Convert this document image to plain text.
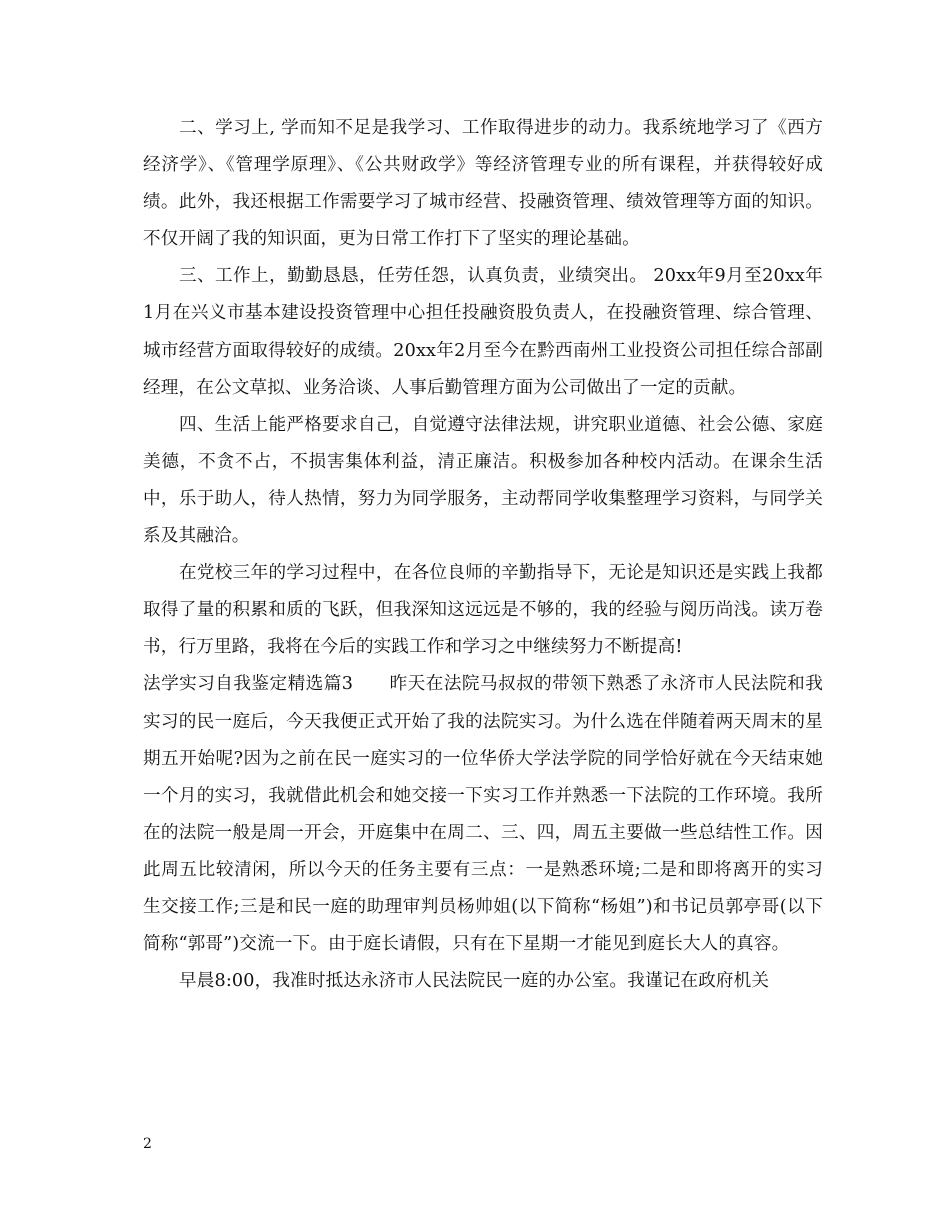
二、学习上, 学而知不足是我学习、工作取得进步的动力。我系统地学习了《西方经济学》、《管理学原理》、《公共财政学》等经济管理专业的所有课程，并获得较好成绩。此外，我还根据工作需要学习了城市经营、投融资管理、绩效管理等方面的知识。不仅开阔了我的知识面，更为日常工作打下了坚实的理论基础。

三、工作上，勤勤恳恳，任劳任怨，认真负责，业绩突出。 20xx年9月至20xx年1月在兴义市基本建设投资管理中心担任投融资股负责人，在投融资管理、综合管理、城市经营方面取得较好的成绩。20xx年2月至今在黔西南州工业投资公司担任综合部副经理，在公文草拟、业务洽谈、人事后勤管理方面为公司做出了一定的贡献。

四、生活上能严格要求自己，自觉遵守法律法规，讲究职业道德、社会公德、家庭美德，不贪不占，不损害集体利益，清正廉洁。积极参加各种校内活动。在课余生活中，乐于助人，待人热情，努力为同学服务，主动帮同学收集整理学习资料，与同学关系及其融洽。

在党校三年的学习过程中，在各位良师的辛勤指导下，无论是知识还是实践上我都取得了量的积累和质的飞跃，但我深知这远远是不够的，我的经验与阅历尚浅。读万卷书，行万里路，我将在今后的实践工作和学习之中继续努力不断提高!

法学实习自我鉴定精选篇3　　昨天在法院马叔叔的带领下熟悉了永济市人民法院和我实习的民一庭后，今天我便正式开始了我的法院实习。为什么选在伴随着两天周末的星期五开始呢?因为之前在民一庭实习的一位华侨大学法学院的同学恰好就在今天结束她一个月的实习，我就借此机会和她交接一下实习工作并熟悉一下法院的工作环境。我所在的法院一般是周一开会，开庭集中在周二、三、四，周五主要做一些总结性工作。因此周五比较清闲，所以今天的任务主要有三点：一是熟悉环境;二是和即将离开的实习生交接工作;三是和民一庭的助理审判员杨帅姐(以下简称“杨姐”)和书记员郭亭哥(以下简称“郭哥”)交流一下。由于庭长请假，只有在下星期一才能见到庭长大人的真容。

早晨8:00，我准时抵达永济市人民法院民一庭的办公室。我谨记在政府机关

2
